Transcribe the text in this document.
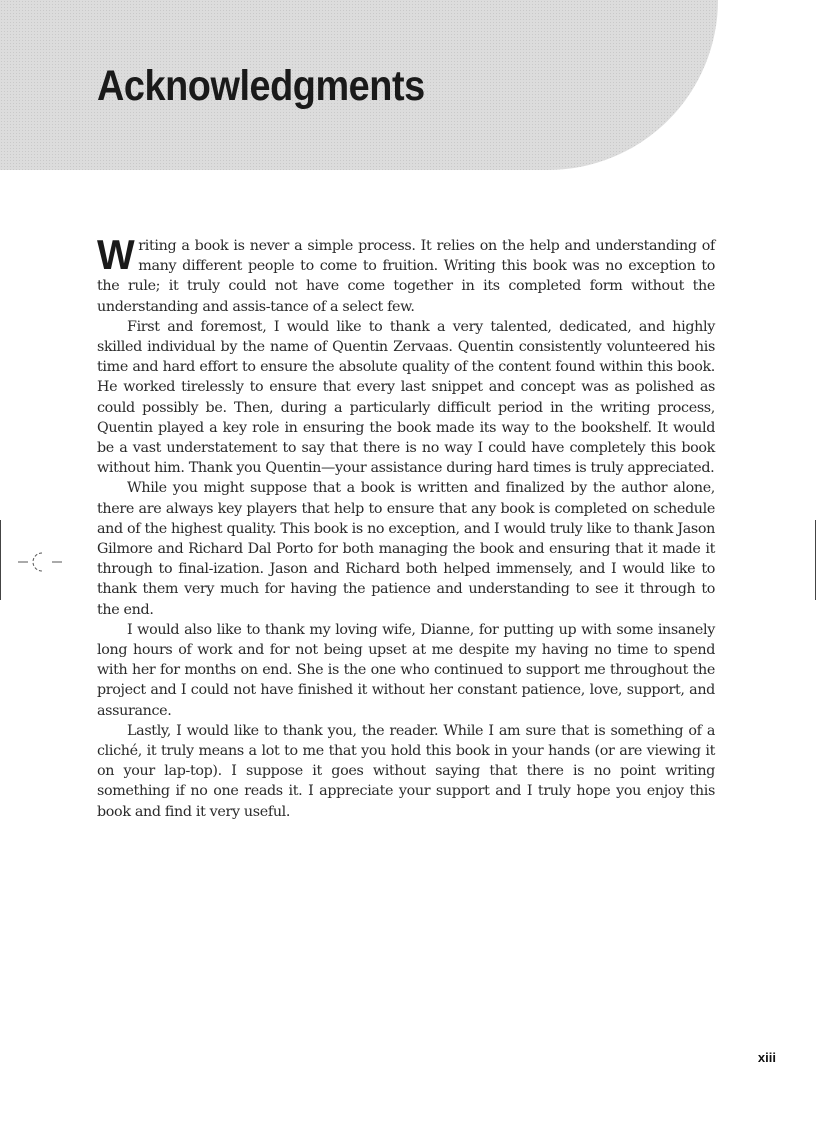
Acknowledgments

Writing a book is never a simple process. It relies on the help and understanding of many different people to come to fruition. Writing this book was no exception to the rule; it truly could not have come together in its completed form without the understanding and assis-tance of a select few.

First and foremost, I would like to thank a very talented, dedicated, and highly skilled individual by the name of Quentin Zervaas. Quentin consistently volunteered his time and hard effort to ensure the absolute quality of the content found within this book. He worked tirelessly to ensure that every last snippet and concept was as polished as could possibly be. Then, during a particularly difficult period in the writing process, Quentin played a key role in ensuring the book made its way to the bookshelf. It would be a vast understatement to say that there is no way I could have completely this book without him. Thank you Quentin—your assistance during hard times is truly appreciated.

While you might suppose that a book is written and finalized by the author alone, there are always key players that help to ensure that any book is completed on schedule and of the highest quality. This book is no exception, and I would truly like to thank Jason Gilmore and Richard Dal Porto for both managing the book and ensuring that it made it through to final-ization. Jason and Richard both helped immensely, and I would like to thank them very much for having the patience and understanding to see it through to the end.

I would also like to thank my loving wife, Dianne, for putting up with some insanely long hours of work and for not being upset at me despite my having no time to spend with her for months on end. She is the one who continued to support me throughout the project and I could not have finished it without her constant patience, love, support, and assurance.

Lastly, I would like to thank you, the reader. While I am sure that is something of a cliché, it truly means a lot to me that you hold this book in your hands (or are viewing it on your lap-top). I suppose it goes without saying that there is no point writing something if no one reads it. I appreciate your support and I truly hope you enjoy this book and find it very useful.

xiii
